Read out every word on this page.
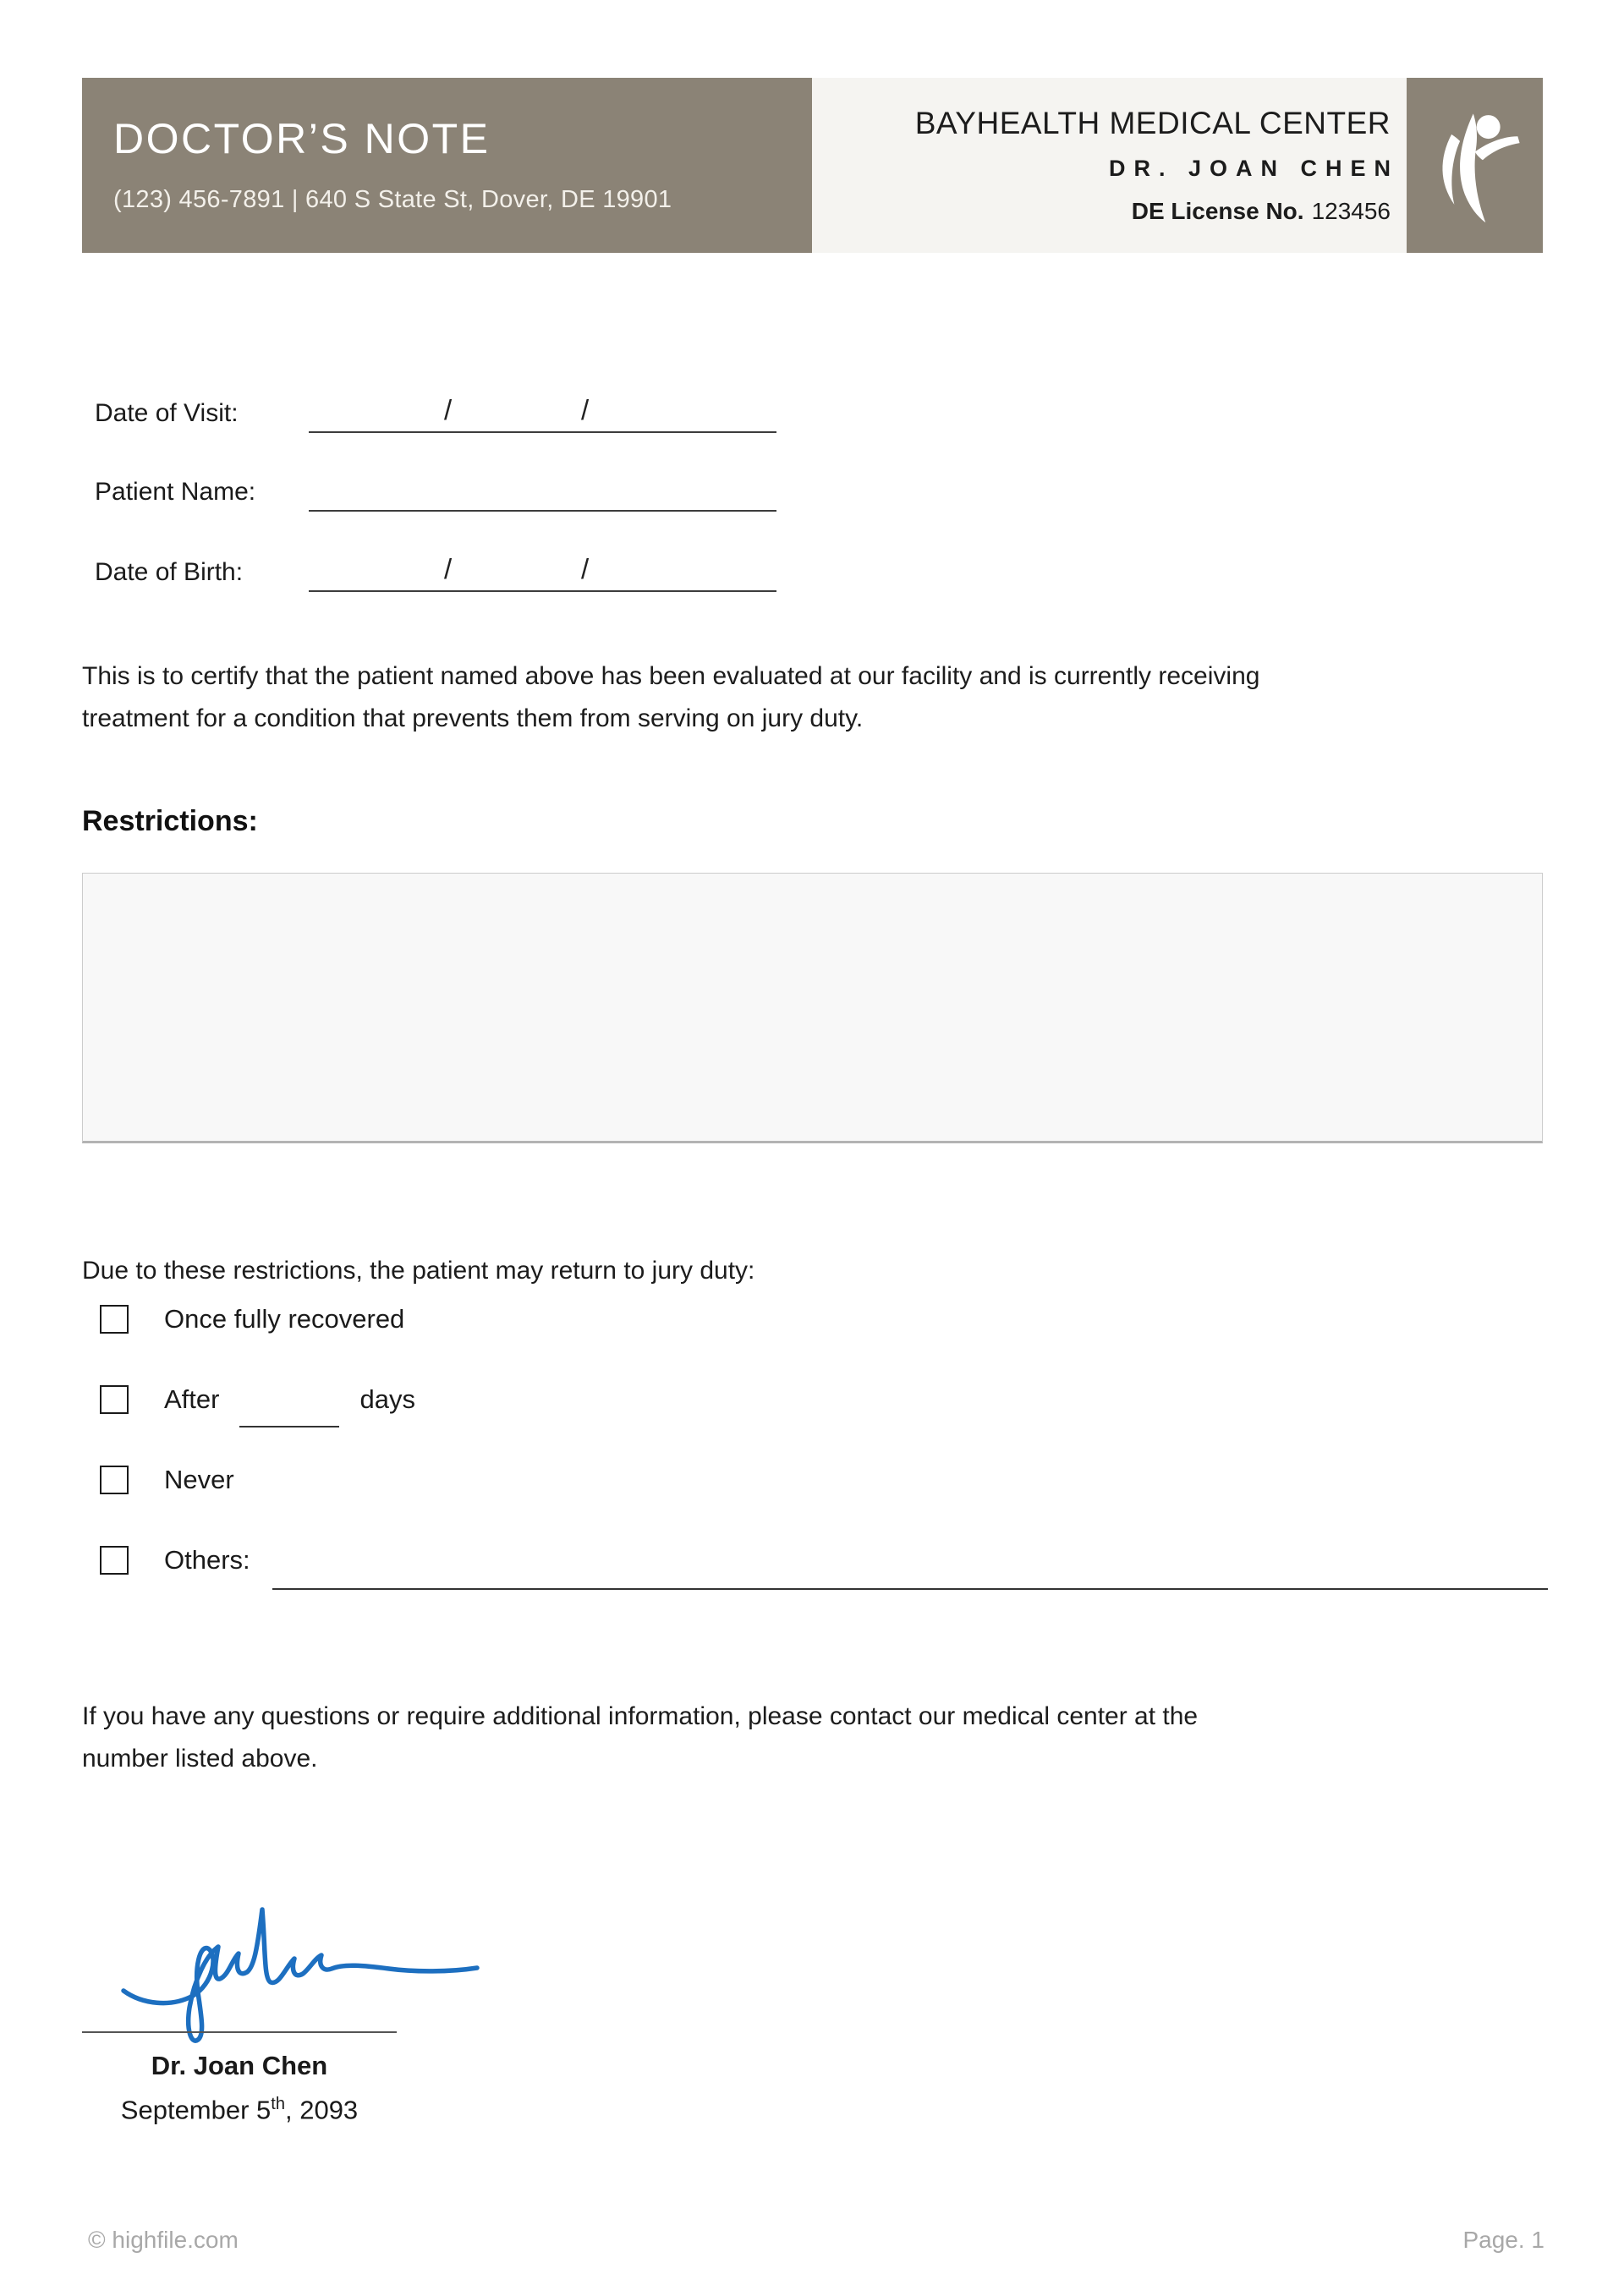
DOCTOR’S NOTE
(123) 456-7891 | 640 S State St, Dover, DE 19901
BAYHEALTH MEDICAL CENTER
DR. JOAN CHEN
DE License No. 123456
Date of Visit:	/	/
Patient Name:
Date of Birth:	/	/
This is to certify that the patient named above has been evaluated at our facility and is currently receiving
treatment for a condition that prevents them from serving on jury duty.
Restrictions:
Due to these restrictions, the patient may return to jury duty:
Once fully recovered
After	days
Never
Others:
If you have any questions or require additional information, please contact our medical center at the
number listed above.
Dr. Joan Chen
September 5th, 2093
© highfile.com	Page. 1
